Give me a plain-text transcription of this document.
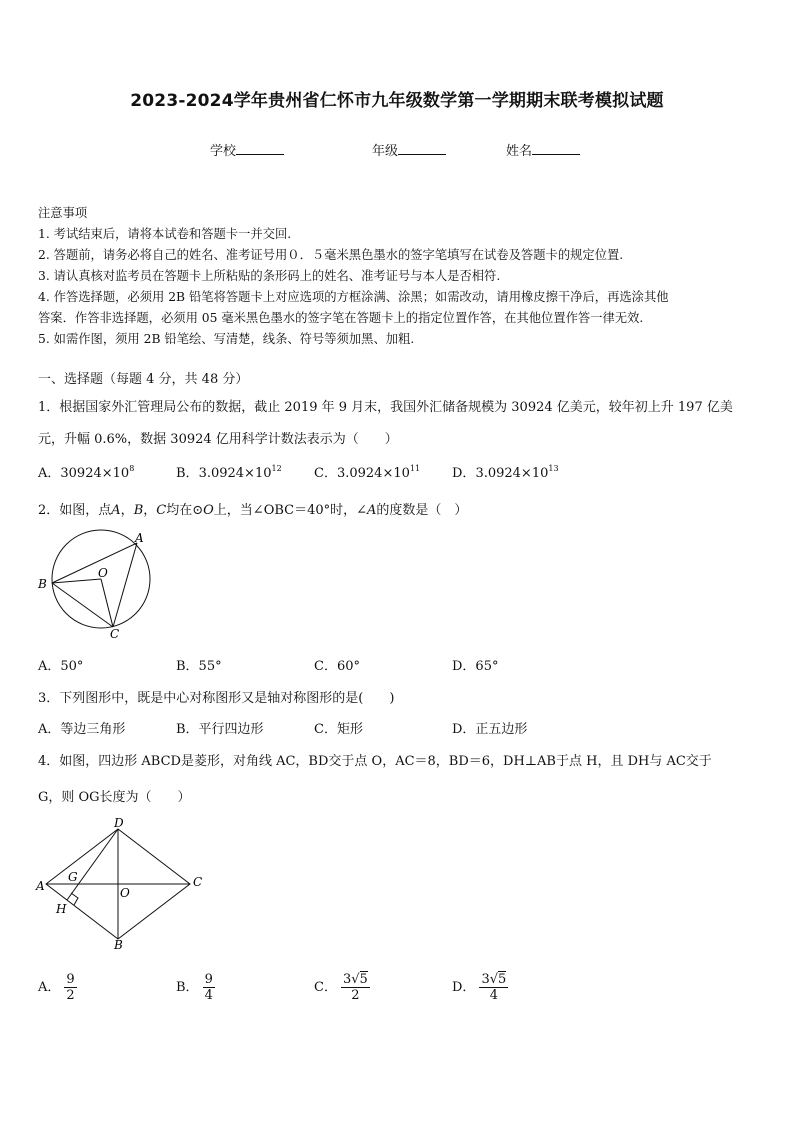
2023-2024学年贵州省仁怀市九年级数学第一学期期末联考模拟试题
学校	年级	姓名
注意事项
1. 考试结束后，请将本试卷和答题卡一并交回.
2. 答题前，请务必将自己的姓名、准考证号用０．５毫米黑色墨水的签字笔填写在试卷及答题卡的规定位置.
3. 请认真核对监考员在答题卡上所粘贴的条形码上的姓名、准考证号与本人是否相符.
4. 作答选择题，必须用 2B 铅笔将答题卡上对应选项的方框涂满、涂黑；如需改动，请用橡皮擦干净后，再选涂其他
答案．作答非选择题，必须用 05 毫米黑色墨水的签字笔在答题卡上的指定位置作答，在其他位置作答一律无效.
5. 如需作图，须用 2B 铅笔绘、写清楚，线条、符号等须加黑、加粗.
一、选择题（每题 4 分，共 48 分）
1．根据国家外汇管理局公布的数据，截止 2019 年 9 月末，我国外汇储备规模为 30924 亿美元，较年初上升 197 亿美
元，升幅 0.6%，数据 30924 亿用科学计数法表示为（　　）
A．$30924\times 10^8$	B．$3.0924\times 10^{12}$ C．$3.0924\times 10^{11}$ D．$3.0924\times 10^{13}$
2．如图，点A，B，C均在⊙O上，当∠OBC＝40°时，∠A的度数是（　）
A
B
C
O
A．50°	B．55°	C．60°	D．65°
3．下列图形中，既是中心对称图形又是轴对称图形的是(　　)
A．等边三角形	B．平行四边形	C．矩形	D．正五边形
4．如图，四边形 ABCD是菱形，对角线 AC，BD交于点 O，AC＝8，BD＝6，DH⊥AB于点 H，且 DH与 AC交于
G，则 OG长度为（　　）
D
A	C
B
O
G
H
A． $\frac{9}{2}$	B． $\frac{9}{4}$	C． $\frac{3√5}{2}$	D． $\frac{3√5}{4}$
